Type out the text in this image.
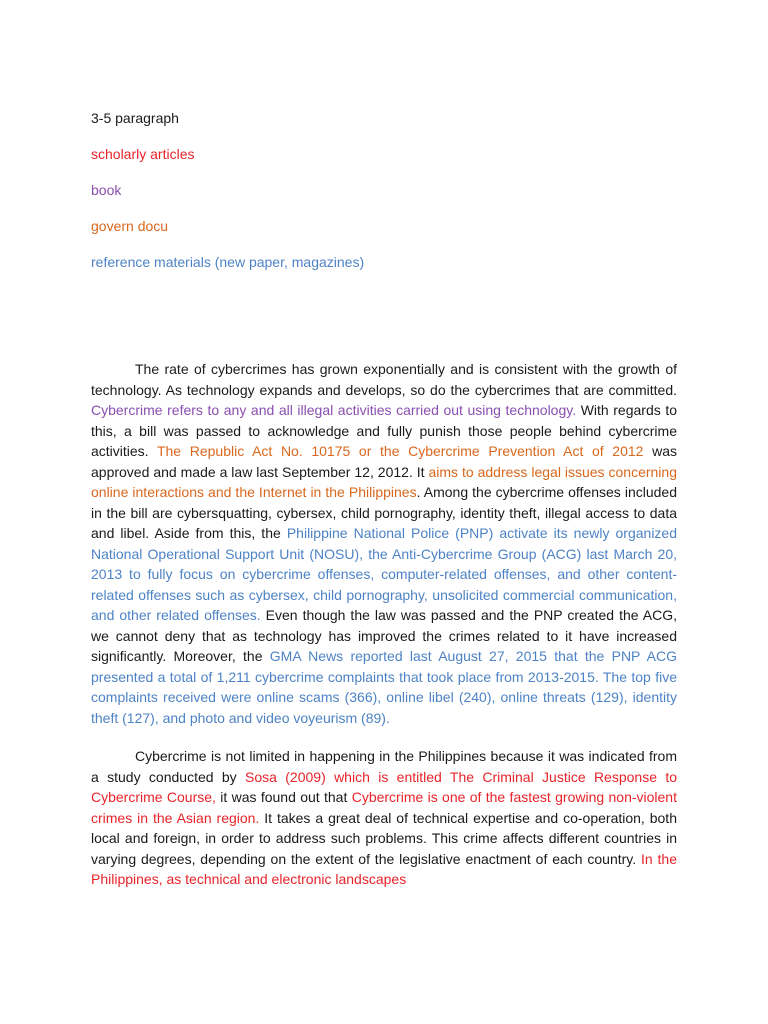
3-5 paragraph
scholarly articles
book
govern docu
reference materials (new paper, magazines)

The rate of cybercrimes has grown exponentially and is consistent with the growth of technology. As technology expands and develops, so do the cybercrimes that are committed. Cybercrime refers to any and all illegal activities carried out using technology. With regards to this, a bill was passed to acknowledge and fully punish those people behind cybercrime activities. The Republic Act No. 10175 or the Cybercrime Prevention Act of 2012 was approved and made a law last September 12, 2012. It aims to address legal issues concerning online interactions and the Internet in the Philippines. Among the cybercrime offenses included in the bill are cybersquatting, cybersex, child pornography, identity theft, illegal access to data and libel. Aside from this, the Philippine National Police (PNP) activate its newly organized National Operational Support Unit (NOSU), the Anti-Cybercrime Group (ACG) last March 20, 2013 to fully focus on cybercrime offenses, computer-related offenses, and other content-related offenses such as cybersex, child pornography, unsolicited commercial communication, and other related offenses. Even though the law was passed and the PNP created the ACG, we cannot deny that as technology has improved the crimes related to it have increased significantly. Moreover, the GMA News reported last August 27, 2015 that the PNP ACG presented a total of 1,211 cybercrime complaints that took place from 2013-2015. The top five complaints received were online scams (366), online libel (240), online threats (129), identity theft (127), and photo and video voyeurism (89).

Cybercrime is not limited in happening in the Philippines because it was indicated from a study conducted by Sosa (2009) which is entitled The Criminal Justice Response to Cybercrime Course, it was found out that Cybercrime is one of the fastest growing non-violent crimes in the Asian region. It takes a great deal of technical expertise and co-operation, both local and foreign, in order to address such problems. This crime affects different countries in varying degrees, depending on the extent of the legislative enactment of each country. In the Philippines, as technical and electronic landscapes
